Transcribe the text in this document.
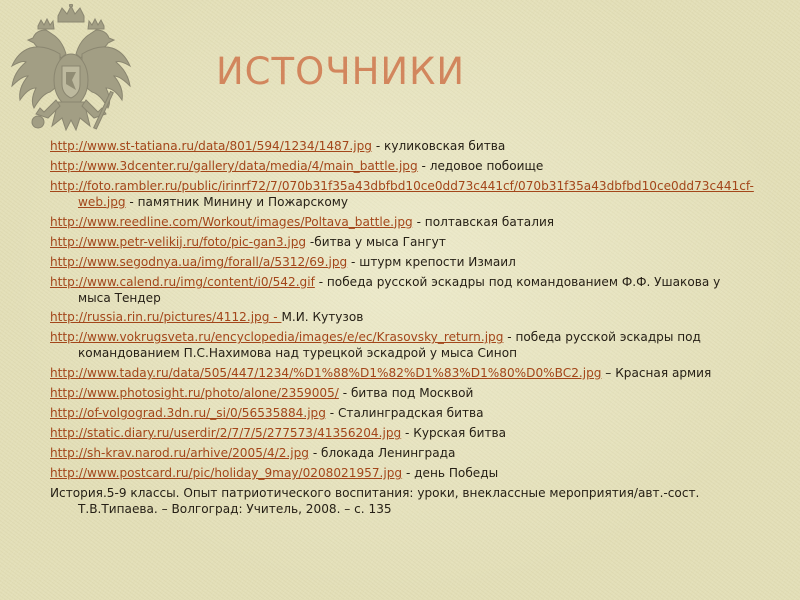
ИСТОЧНИКИ
http://www.st-tatiana.ru/data/801/594/1234/1487.jpg - куликовская битва
http://www.3dcenter.ru/gallery/data/media/4/main_battle.jpg - ледовое побоище
http://foto.rambler.ru/public/irinrf72/7/070b31f35a43dbfbd10ce0dd73c441cf/070b31f35a43dbfbd10ce0dd73c441cf-web.jpg - памятник Минину и Пожарскому
http://www.reedline.com/Workout/images/Poltava_battle.jpg - полтавская баталия
http://www.petr-velikij.ru/foto/pic-gan3.jpg -битва у мыса Гангут
http://www.segodnya.ua/img/forall/a/5312/69.jpg - штурм крепости Измаил
http://www.calend.ru/img/content/i0/542.gif - победа русской эскадры под командованием Ф.Ф. Ушакова у мыса Тендер
http://russia.rin.ru/pictures/4112.jpg - М.И. Кутузов
http://www.vokrugsveta.ru/encyclopedia/images/e/ec/Krasovsky_return.jpg - победа русской эскадры под командованием П.С.Нахимова над турецкой эскадрой у мыса Синоп
http://www.taday.ru/data/505/447/1234/%D1%88%D1%82%D1%83%D1%80%D0%BC2.jpg – Красная армия
http://www.photosight.ru/photo/alone/2359005/ - битва под Москвой
http://of-volgograd.3dn.ru/_si/0/56535884.jpg - Сталинградская битва
http://static.diary.ru/userdir/2/7/7/5/277573/41356204.jpg - Курская битва
http://sh-krav.narod.ru/arhive/2005/4/2.jpg - блокада Ленинграда
http://www.postcard.ru/pic/holiday_9may/0208021957.jpg - день Победы
История.5-9 классы. Опыт патриотического воспитания: уроки, внеклассные мероприятия/авт.-сост. Т.В.Типаева. – Волгоград: Учитель, 2008. – с. 135
